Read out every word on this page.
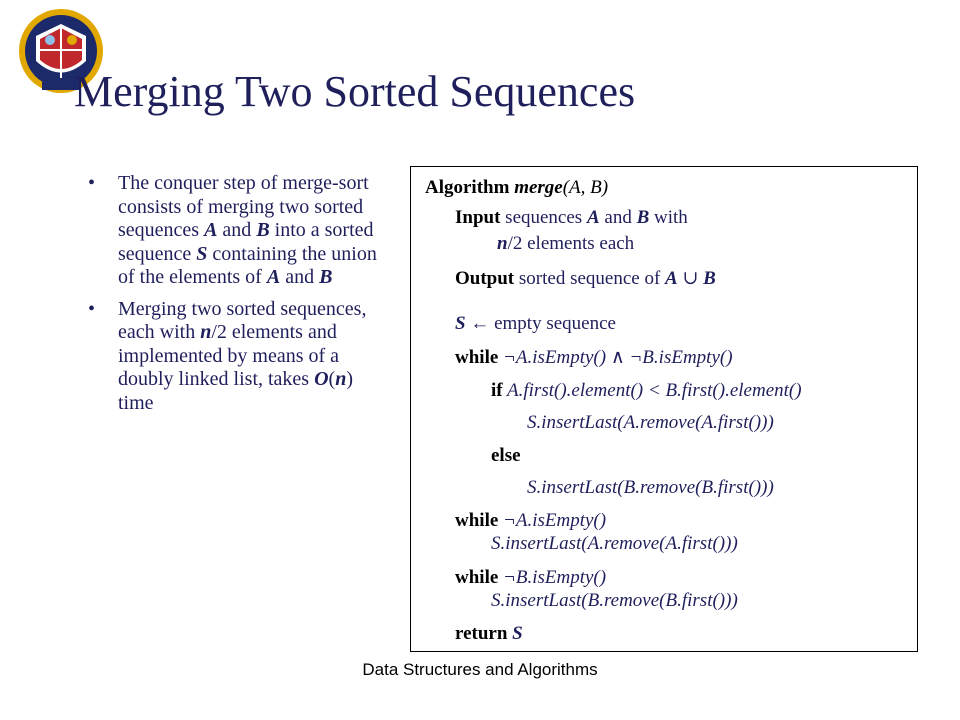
Merging Two Sorted Sequences
• The conquer step of merge-sort consists of merging two sorted sequences A and B into a sorted sequence S containing the union of the elements of A and B
• Merging two sorted sequences, each with n/2 elements and implemented by means of a doubly linked list, takes O(n) time
Algorithm merge(A, B)
Input sequences A and B with
n/2 elements each
Output sorted sequence of A ∪ B
S ← empty sequence
while ¬A.isEmpty() ∧ ¬B.isEmpty()
if A.first().element() < B.first().element()
S.insertLast(A.remove(A.first()))
else
S.insertLast(B.remove(B.first()))
while ¬A.isEmpty()
S.insertLast(A.remove(A.first()))
while ¬B.isEmpty()
S.insertLast(B.remove(B.first()))
return S
Data Structures and Algorithms
